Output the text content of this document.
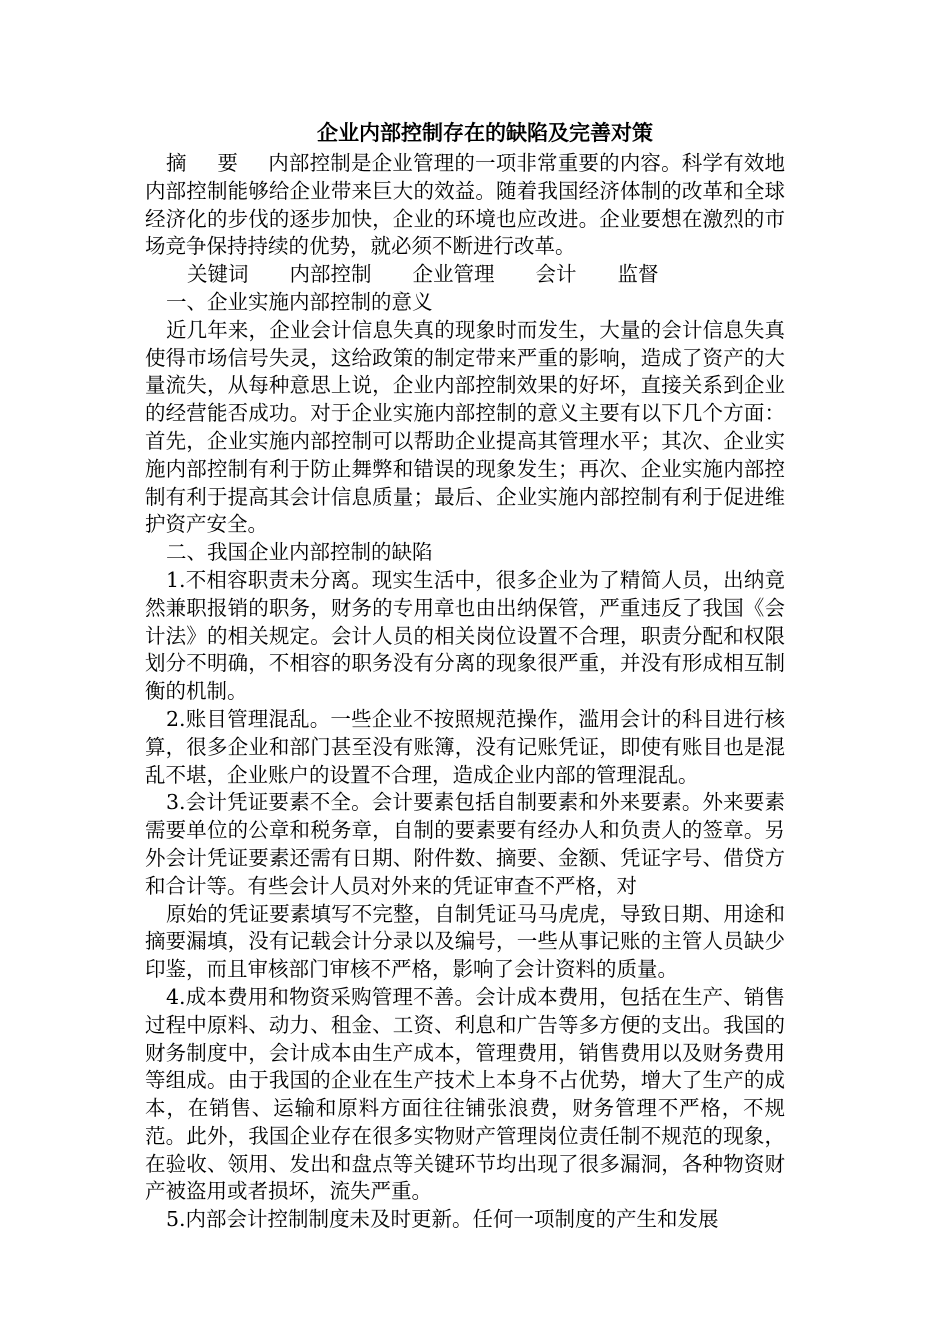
企业内部控制存在的缺陷及完善对策

摘 要 内部控制是企业管理的一项非常重要的内容。科学有效地内部控制能够给企业带来巨大的效益。随着我国经济体制的改革和全球经济化的步伐的逐步加快，企业的环境也应改进。企业要想在激烈的市场竞争保持持续的优势，就必须不断进行改革。

关键词 内部控制 企业管理 会计 监督

一、企业实施内部控制的意义

近几年来，企业会计信息失真的现象时而发生，大量的会计信息失真使得市场信号失灵，这给政策的制定带来严重的影响，造成了资产的大量流失，从每种意思上说，企业内部控制效果的好坏，直接关系到企业的经营能否成功。对于企业实施内部控制的意义主要有以下几个方面：首先，企业实施内部控制可以帮助企业提高其管理水平；其次、企业实施内部控制有利于防止舞弊和错误的现象发生；再次、企业实施内部控制有利于提高其会计信息质量；最后、企业实施内部控制有利于促进维护资产安全。

二、我国企业内部控制的缺陷

1.不相容职责未分离。现实生活中，很多企业为了精简人员，出纳竟然兼职报销的职务，财务的专用章也由出纳保管，严重违反了我国《会计法》的相关规定。会计人员的相关岗位设置不合理，职责分配和权限划分不明确，不相容的职务没有分离的现象很严重，并没有形成相互制衡的机制。

2.账目管理混乱。一些企业不按照规范操作，滥用会计的科目进行核算，很多企业和部门甚至没有账簿，没有记账凭证，即使有账目也是混乱不堪，企业账户的设置不合理，造成企业内部的管理混乱。

3.会计凭证要素不全。会计要素包括自制要素和外来要素。外来要素需要单位的公章和税务章，自制的要素要有经办人和负责人的签章。另外会计凭证要素还需有日期、附件数、摘要、金额、凭证字号、借贷方和合计等。有些会计人员对外来的凭证审查不严格，对

原始的凭证要素填写不完整，自制凭证马马虎虎，导致日期、用途和摘要漏填，没有记载会计分录以及编号，一些从事记账的主管人员缺少印鉴，而且审核部门审核不严格，影响了会计资料的质量。

4.成本费用和物资采购管理不善。会计成本费用，包括在生产、销售过程中原料、动力、租金、工资、利息和广告等多方便的支出。我国的财务制度中，会计成本由生产成本，管理费用，销售费用以及财务费用等组成。由于我国的企业在生产技术上本身不占优势，增大了生产的成本，在销售、运输和原料方面往往铺张浪费，财务管理不严格，不规范。此外，我国企业存在很多实物财产管理岗位责任制不规范的现象，在验收、领用、发出和盘点等关键环节均出现了很多漏洞，各种物资财产被盗用或者损坏，流失严重。

5.内部会计控制制度未及时更新。任何一项制度的产生和发展
